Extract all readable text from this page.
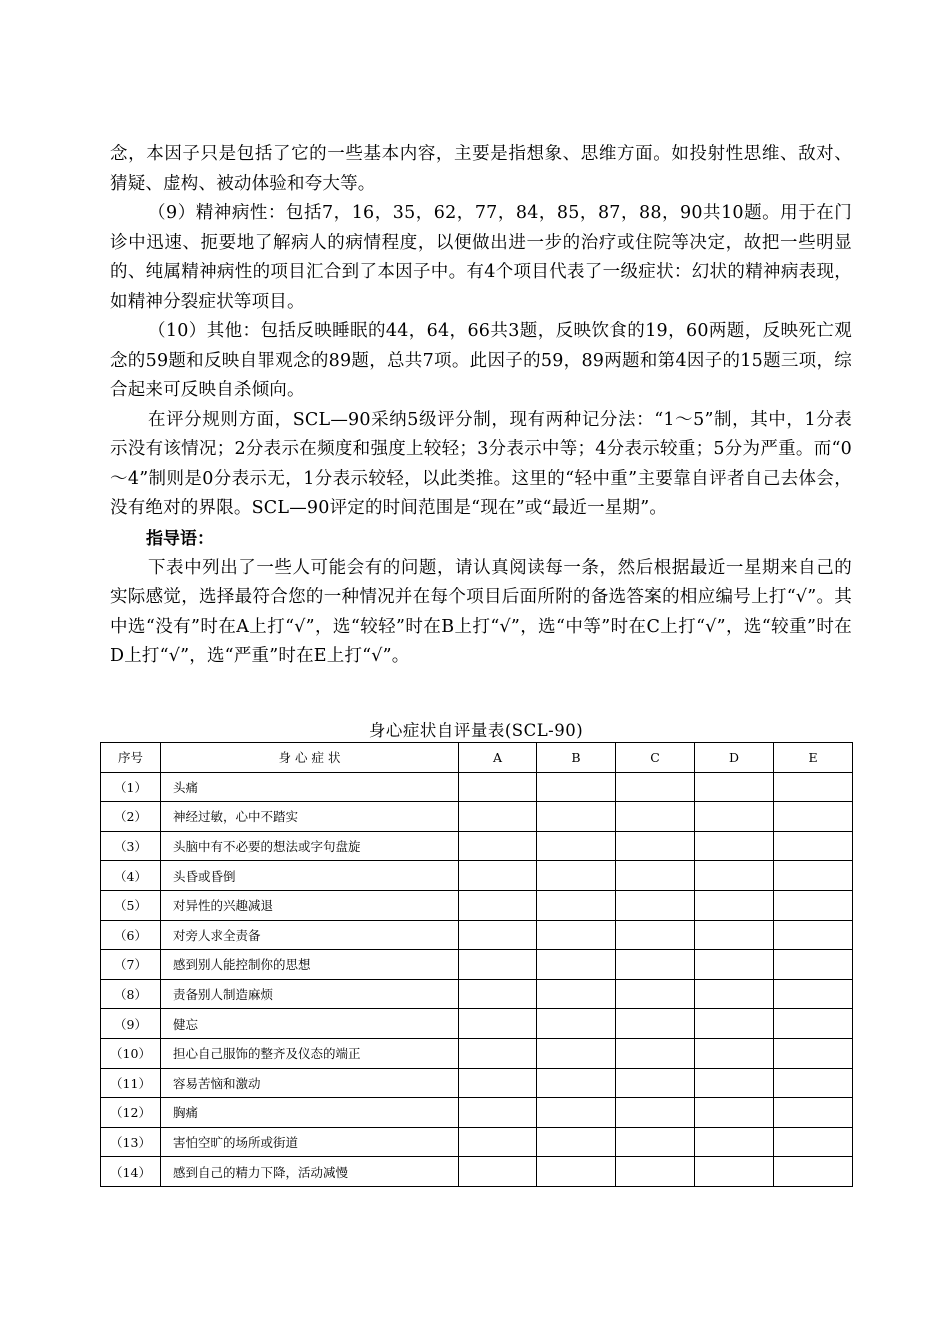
念，本因子只是包括了它的一些基本内容，主要是指想象、思维方面。如投射性思维、敌对、猜疑、虚构、被动体验和夸大等。

（9）精神病性：包括7，16，35，62，77，84，85，87，88，90共10题。用于在门诊中迅速、扼要地了解病人的病情程度，以便做出进一步的治疗或住院等决定，故把一些明显的、纯属精神病性的项目汇合到了本因子中。有4个项目代表了一级症状：幻状的精神病表现，如精神分裂症状等项目。

（10）其他：包括反映睡眠的44，64，66共3题，反映饮食的19，60两题，反映死亡观念的59题和反映自罪观念的89题，总共7项。此因子的59，89两题和第4因子的15题三项，综合起来可反映自杀倾向。

在评分规则方面，SCL—90采纳5级评分制，现有两种记分法：“1～5”制，其中，1分表示没有该情况；2分表示在频度和强度上较轻；3分表示中等；4分表示较重；5分为严重。而“0～4”制则是0分表示无，1分表示较轻，以此类推。这里的“轻中重”主要靠自评者自己去体会，没有绝对的界限。SCL—90评定的时间范围是“现在”或“最近一星期”。

指导语：

下表中列出了一些人可能会有的问题，请认真阅读每一条，然后根据最近一星期来自己的实际感觉，选择最符合您的一种情况并在每个项目后面所附的备选答案的相应编号上打“√”。其中选“没有”时在A上打“√”，选“较轻”时在B上打“√”，选“中等”时在C上打“√”，选“较重”时在D上打“√”，选“严重”时在E上打“√”。

身心症状自评量表(SCL-90)
序号	身 心 症 状	A	B	C	D	E
（1）	头痛					
（2）	神经过敏，心中不踏实					
（3）	头脑中有不必要的想法或字句盘旋					
（4）	头昏或昏倒					
（5）	对异性的兴趣减退					
（6）	对旁人求全责备					
（7）	感到别人能控制你的思想					
（8）	责备别人制造麻烦					
（9）	健忘					
（10）	担心自己服饰的整齐及仪态的端正					
（11）	容易苦恼和激动					
（12）	胸痛					
（13）	害怕空旷的场所或街道					
（14）	感到自己的精力下降，活动减慢					
